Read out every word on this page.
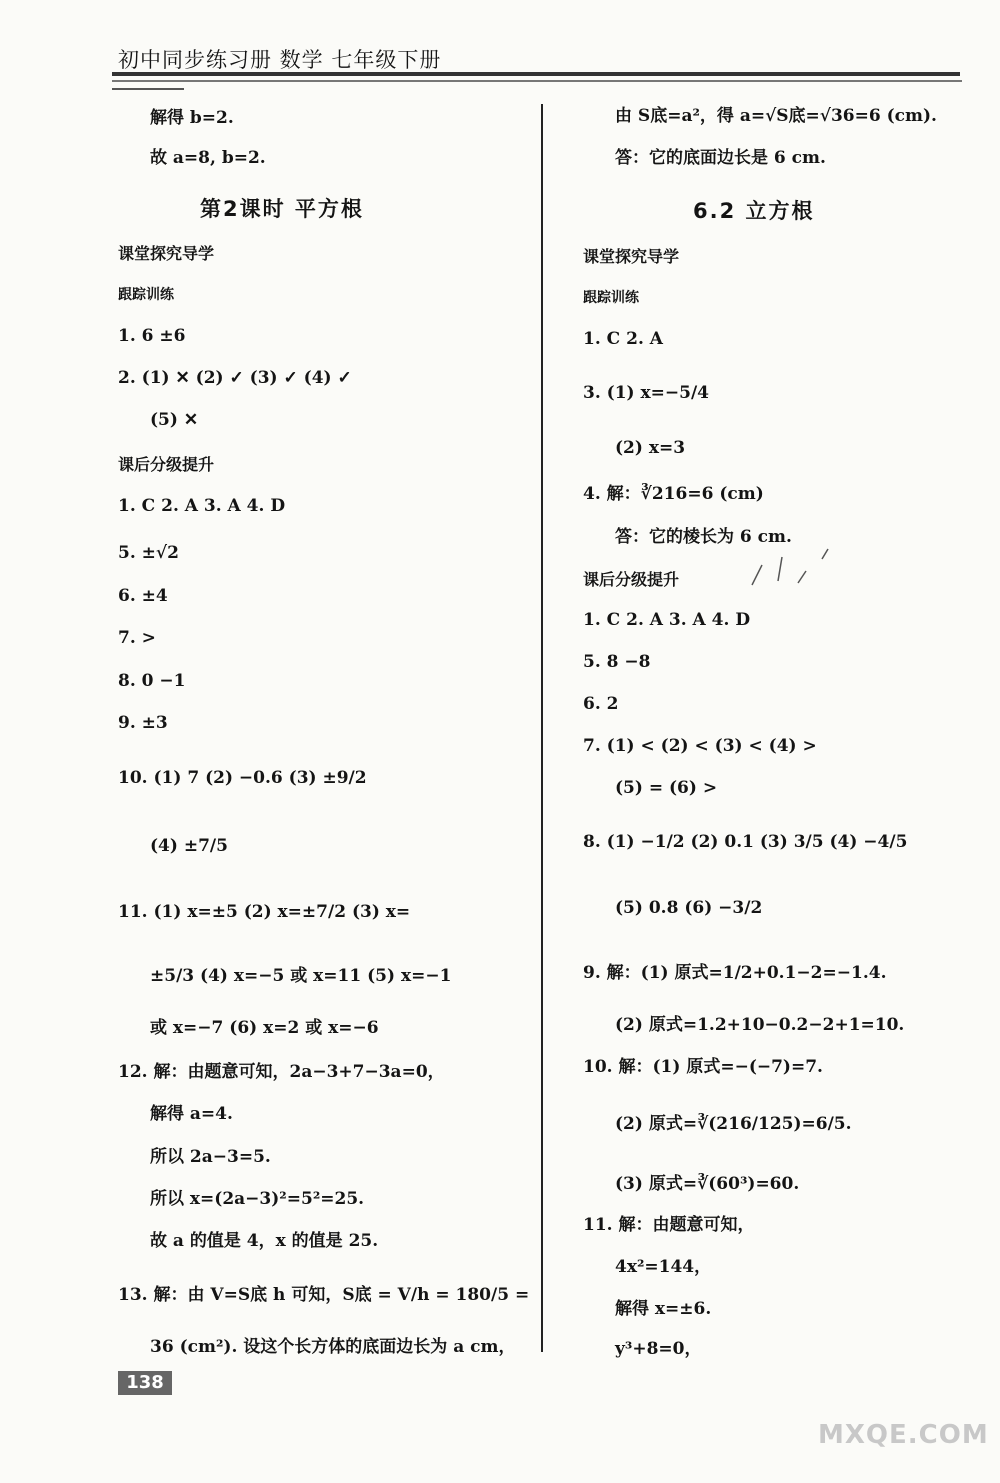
初中同步练习册 数学 七年级下册
解得 b=2.
故 a=8, b=2.
第2课时 平方根
课堂探究导学
跟踪训练
1. 6 ±6
2. (1) ✕ (2) ✓ (3) ✓ (4) ✓
(5) ✕
课后分级提升
1. C 2. A 3. A 4. D
5. ±√2
6. ±4
7. >
8. 0 −1
9. ±3
10. (1) 7 (2) −0.6 (3) ±9/2
(4) ±7/5
11. (1) x=±5 (2) x=±7/2 (3) x=
±5/3 (4) x=−5 或 x=11 (5) x=−1
或 x=−7 (6) x=2 或 x=−6
12. 解：由题意可知，2a−3+7−3a=0，
解得 a=4.
所以 2a−3=5.
所以 x=(2a−3)²=5²=25.
故 a 的值是 4，x 的值是 25.
13. 解：由 V=S底 h 可知，S底 = V/h = 180/5 =
36 (cm²). 设这个长方体的底面边长为 a cm，
由 S底=a²，得 a=√S底=√36=6 (cm).
答：它的底面边长是 6 cm.
6.2 立方根
课堂探究导学
跟踪训练
1. C 2. A
3. (1) x=−5/4
(2) x=3
4. 解：∛216=6 (cm)
答：它的棱长为 6 cm.
课后分级提升
1. C 2. A 3. A 4. D
5. 8 −8
6. 2
7. (1) < (2) < (3) < (4) >
(5) = (6) >
8. (1) −1/2 (2) 0.1 (3) 3/5 (4) −4/5
(5) 0.8 (6) −3/2
9. 解：(1) 原式=1/2+0.1−2=−1.4.
(2) 原式=1.2+10−0.2−2+1=10.
10. 解：(1) 原式=−(−7)=7.
(2) 原式=∛(216/125)=6/5.
(3) 原式=∛(60³)=60.
11. 解：由题意可知，
4x²=144，
解得 x=±6.
y³+8=0，
138
MXQE.COM
